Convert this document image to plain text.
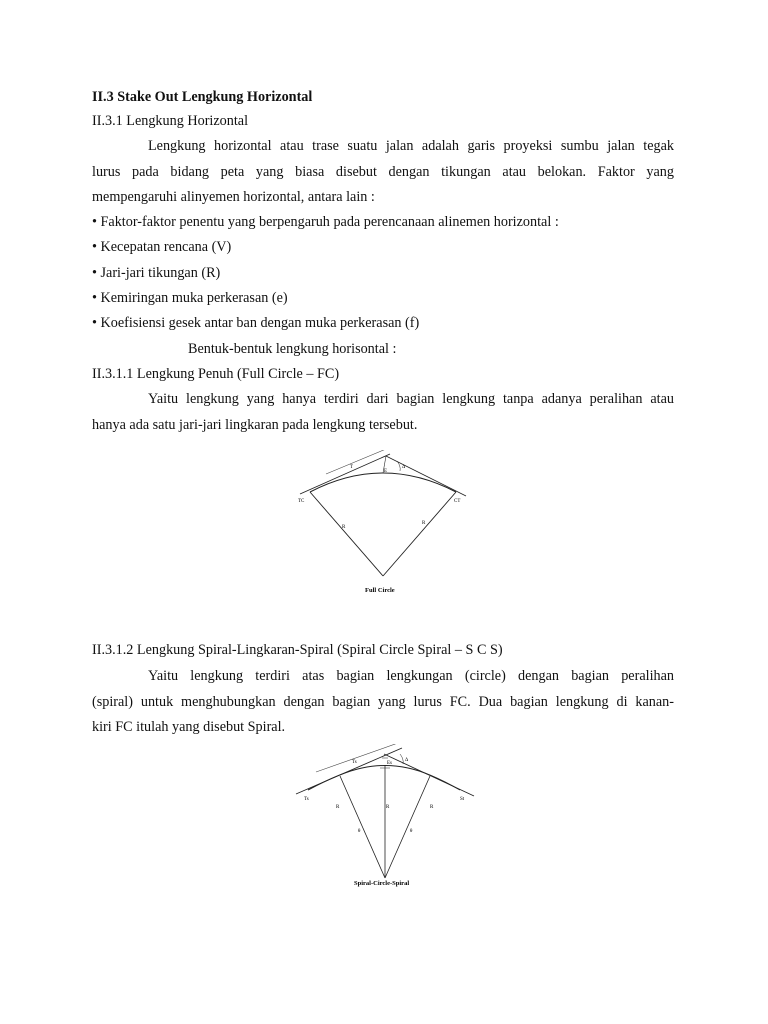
II.3 Stake Out Lengkung Horizontal
II.3.1 Lengkung Horizontal
Lengkung horizontal atau trase suatu jalan adalah garis proyeksi sumbu jalan tegak
lurus pada bidang peta yang biasa disebut dengan tikungan atau belokan. Faktor yang
mempengaruhi alinyemen horizontal, antara lain :
• Faktor-faktor penentu yang berpengaruh pada perencanaan alinemen horizontal :
• Kecepatan rencana (V)
• Jari-jari tikungan (R)
• Kemiringan muka perkerasan (e)
• Koefisiensi gesek antar ban dengan muka perkerasan (f)
Bentuk-bentuk lengkung horisontal :
II.3.1.1 Lengkung Penuh (Full Circle – FC)
Yaitu lengkung yang hanya terdiri dari bagian lengkung tanpa adanya peralihan atau
hanya ada satu jari-jari lingkaran pada lengkung tersebut.
TC	CT
T
E
Δ
R
R
Full Circle
II.3.1.2 Lengkung Spiral-Lingkaran-Spiral (Spiral Circle Spiral – S C S)
Yaitu lengkung terdiri atas bagian lengkungan (circle) dengan bagian peralihan
(spiral) untuk menghubungkan dengan bagian yang lurus FC. Dua bagian lengkung di kanan-
kiri FC itulah yang disebut Spiral.
Ts	St
Ts	Es
Δ
R	R
R
θ	θ
Spiral-Circle-Spiral
